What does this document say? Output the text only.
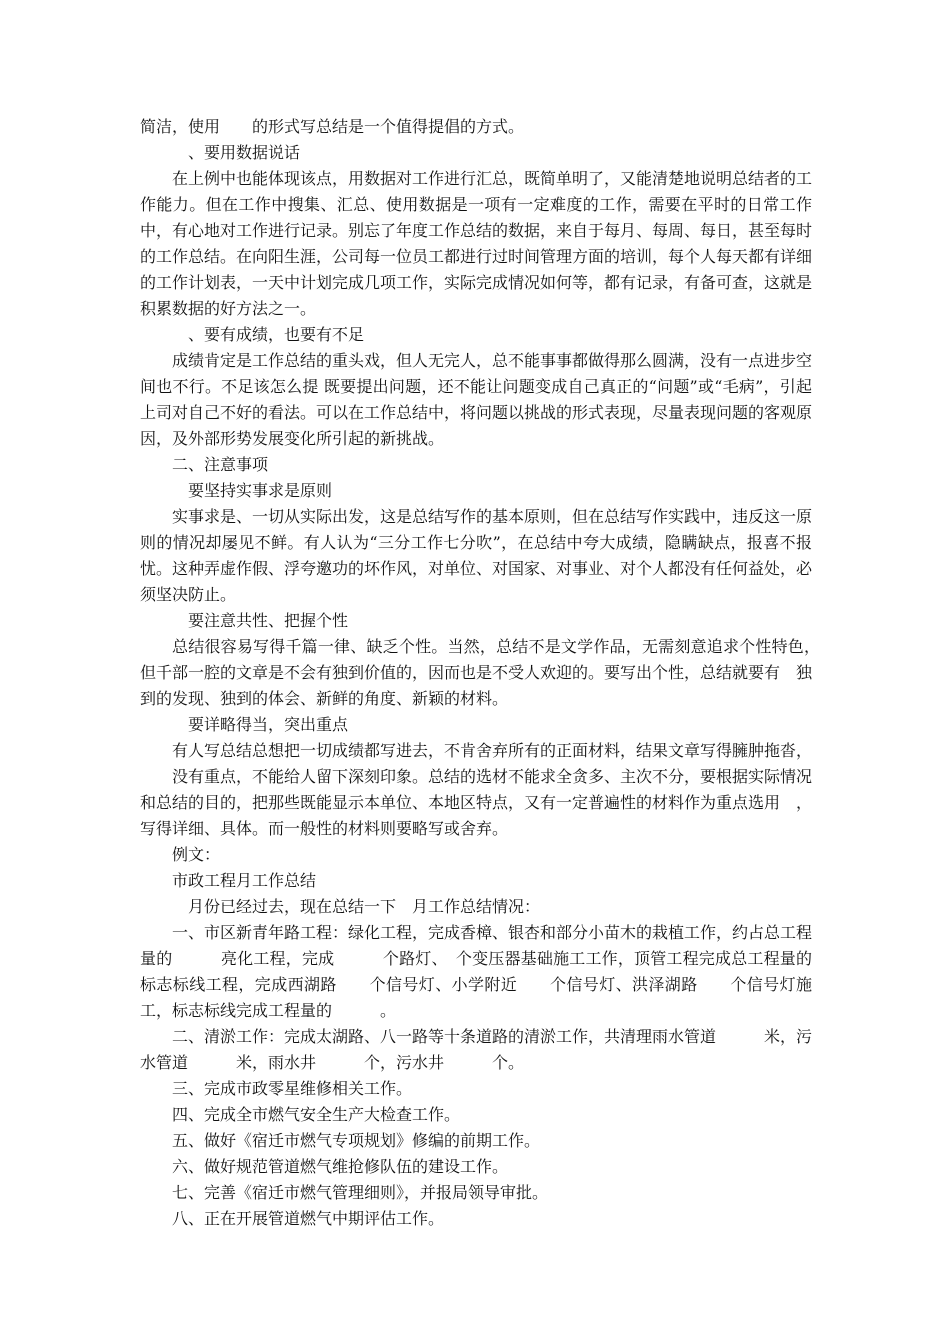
简洁，使用　　的形式写总结是一个值得提倡的方式。

、要用数据说话

在上例中也能体现该点，用数据对工作进行汇总，既简单明了，又能清楚地说明总结者的工作能力。但在工作中搜集、汇总、使用数据是一项有一定难度的工作，需要在平时的日常工作中，有心地对工作进行记录。别忘了年度工作总结的数据，来自于每月、每周、每日，甚至每时的工作总结。在向阳生涯，公司每一位员工都进行过时间管理方面的培训，每个人每天都有详细的工作计划表，一天中计划完成几项工作，实际完成情况如何等，都有记录，有备可查，这就是积累数据的好方法之一。

、要有成绩，也要有不足

成绩肯定是工作总结的重头戏，但人无完人，总不能事事都做得那么圆满，没有一点进步空间也不行。不足该怎么提 既要提出问题，还不能让问题变成自己真正的“问题”或“毛病”，引起上司对自己不好的看法。可以在工作总结中，将问题以挑战的形式表现，尽量表现问题的客观原因，及外部形势发展变化所引起的新挑战。

二、注意事项

要坚持实事求是原则

实事求是、一切从实际出发，这是总结写作的基本原则，但在总结写作实践中，违反这一原则的情况却屡见不鲜。有人认为“三分工作七分吹”，在总结中夸大成绩，隐瞒缺点，报喜不报忧。这种弄虚作假、浮夸邀功的坏作风，对单位、对国家、对事业、对个人都没有任何益处，必须坚决防止。

要注意共性、把握个性

总结很容易写得千篇一律、缺乏个性。当然，总结不是文学作品，无需刻意追求个性特色，　但千部一腔的文章是不会有独到价值的，因而也是不受人欢迎的。要写出个性，总结就要有　独到的发现、独到的体会、新鲜的角度、新颖的材料。

要详略得当，突出重点

有人写总结总想把一切成绩都写进去，不肯舍弃所有的正面材料，结果文章写得臃肿拖沓，

没有重点，不能给人留下深刻印象。总结的选材不能求全贪多、主次不分，要根据实际情况和总结的目的，把那些既能显示本单位、本地区特点，又有一定普遍性的材料作为重点选用　，写得详细、具体。而一般性的材料则要略写或舍弃。

例文：

市政工程月工作总结

月份已经过去，现在总结一下　月工作总结情况：

一、市区新青年路工程：绿化工程，完成香樟、银杏和部分小苗木的栽植工作，约占总工程量的　　　亮化工程，完成　　　个路灯、　个变压器基础施工工作，顶管工程完成总工程量的　　　标志标线工程，完成西湖路　　个信号灯、小学附近　　个信号灯、洪泽湖路　　个信号灯施工，标志标线完成工程量的　　　。

二、清淤工作：完成太湖路、八一路等十条道路的清淤工作，共清理雨水管道　　　米，污水管道　　　米，雨水井　　　个，污水井　　　个。

三、完成市政零星维修相关工作。

四、完成全市燃气安全生产大检查工作。

五、做好《宿迁市燃气专项规划》修编的前期工作。

六、做好规范管道燃气维抢修队伍的建设工作。

七、完善《宿迁市燃气管理细则》，并报局领导审批。

八、正在开展管道燃气中期评估工作。
